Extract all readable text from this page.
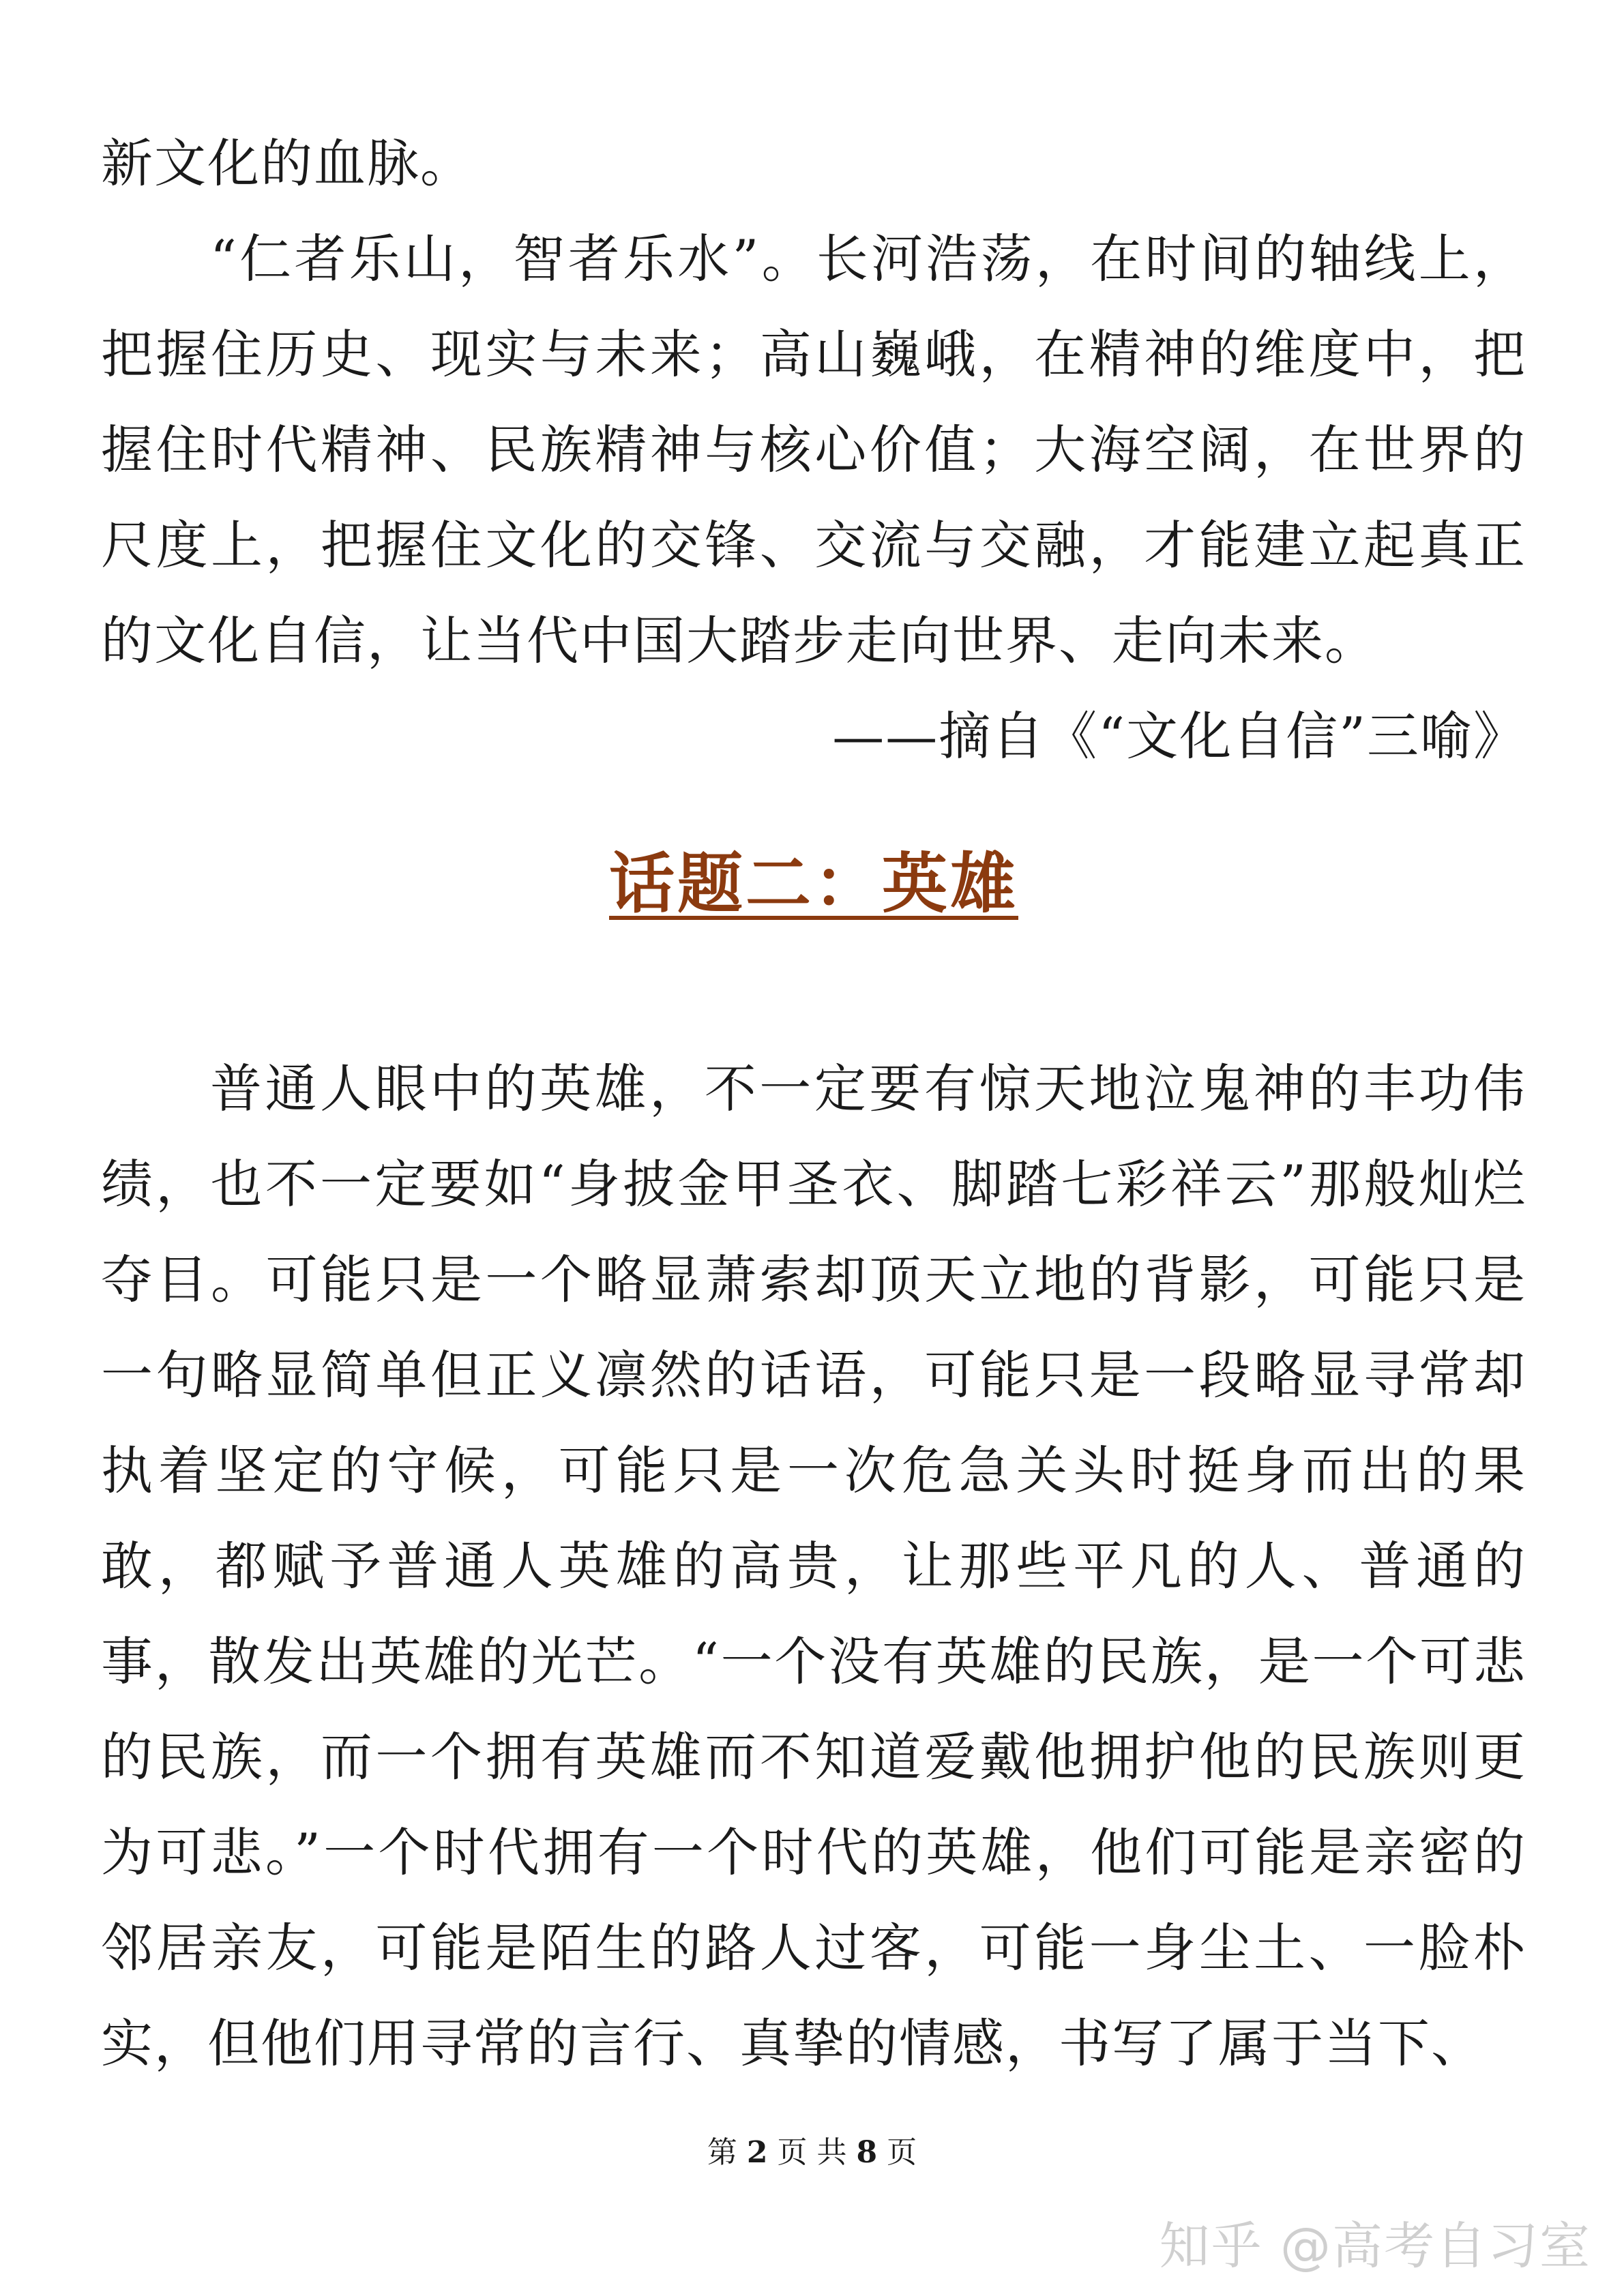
新文化的血脉。

“仁者乐山，智者乐水”。长河浩荡，在时间的轴线上，把握住历史、现实与未来；高山巍峨，在精神的维度中，把握住时代精神、民族精神与核心价值；大海空阔，在世界的尺度上，把握住文化的交锋、交流与交融，才能建立起真正的文化自信，让当代中国大踏步走向世界、走向未来。

——摘自《“文化自信”三喻》

话题二：英雄

普通人眼中的英雄，不一定要有惊天地泣鬼神的丰功伟绩，也不一定要如“身披金甲圣衣、脚踏七彩祥云”那般灿烂夺目。可能只是一个略显萧索却顶天立地的背影，可能只是一句略显简单但正义凛然的话语，可能只是一段略显寻常却执着坚定的守候，可能只是一次危急关头时挺身而出的果敢，都赋予普通人英雄的高贵，让那些平凡的人、普通的事，散发出英雄的光芒。“一个没有英雄的民族，是一个可悲的民族，而一个拥有英雄而不知道爱戴他拥护他的民族则更为可悲。”一个时代拥有一个时代的英雄，他们可能是亲密的邻居亲友，可能是陌生的路人过客，可能一身尘土、一脸朴实，但他们用寻常的言行、真挚的情感，书写了属于当下、

第 2 页 共 8 页
知乎 @高考自习室
